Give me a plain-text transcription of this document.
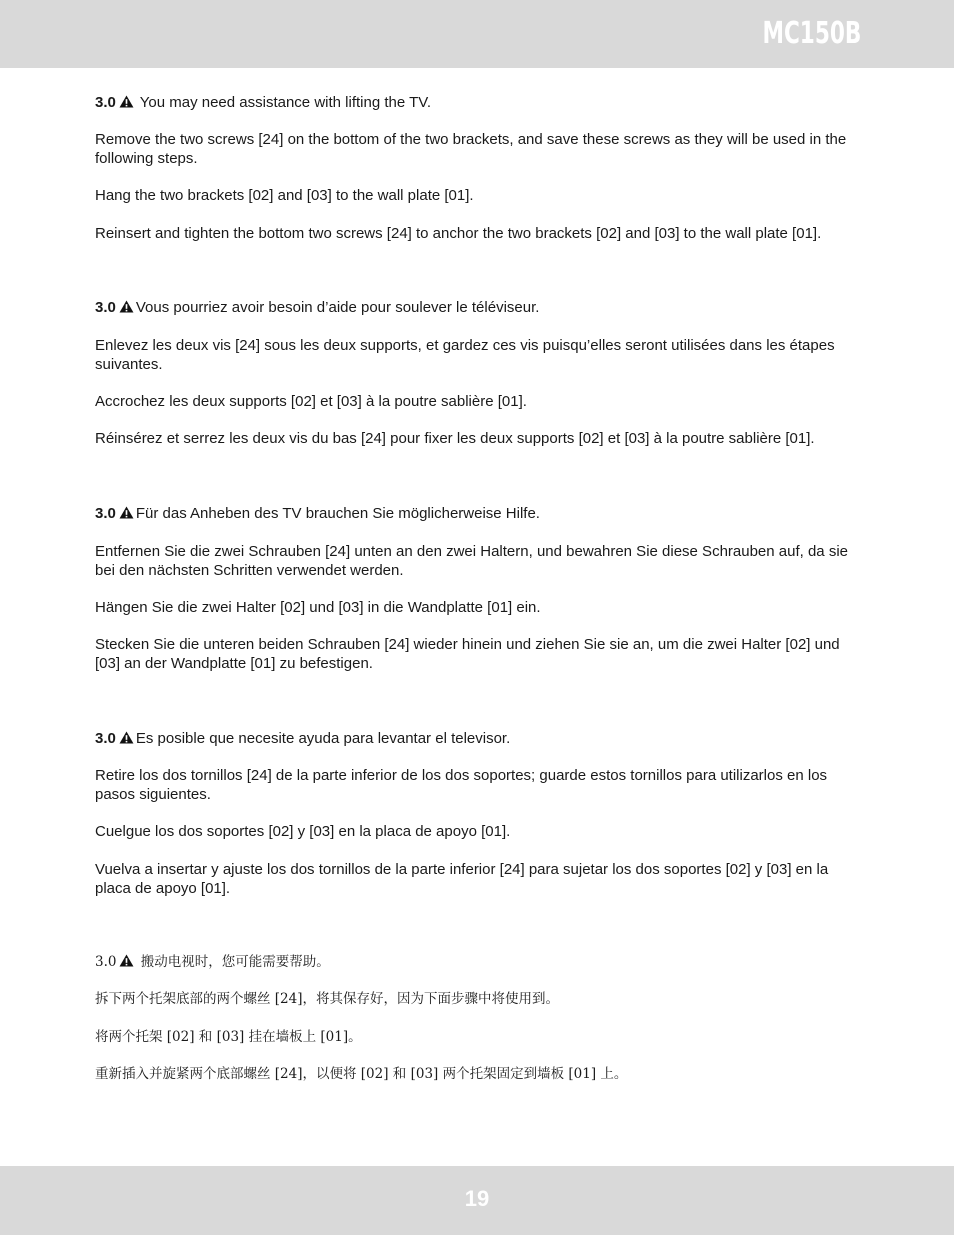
MC150B
3.0 You may need assistance with lifting the TV.

Remove the two screws [24] on the bottom of the two brackets, and save these screws as they will be used in the following steps.

Hang the two brackets [02] and [03] to the wall plate [01].

Reinsert and tighten the bottom two screws [24] to anchor the two brackets [02] and [03] to the wall plate [01].

3.0 Vous pourriez avoir besoin d’aide pour soulever le téléviseur.

Enlevez les deux vis [24] sous les deux supports, et gardez ces vis puisqu’elles seront utilisées dans les étapes suivantes.

Accrochez les deux supports [02] et [03] à la poutre sablière [01].

Réinsérez et serrez les deux vis du bas [24] pour fixer les deux supports [02] et [03] à la poutre sablière [01].

3.0 Für das Anheben des TV brauchen Sie möglicherweise Hilfe.

Entfernen Sie die zwei Schrauben [24] unten an den zwei Haltern, und bewahren Sie diese Schrauben auf, da sie bei den nächsten Schritten verwendet werden.

Hängen Sie die zwei Halter [02] und [03] in die Wandplatte [01] ein.

Stecken Sie die unteren beiden Schrauben [24] wieder hinein und ziehen Sie sie an, um die zwei Halter [02] und [03] an der Wandplatte [01] zu befestigen.

3.0 Es posible que necesite ayuda para levantar el televisor.

Retire los dos tornillos [24] de la parte inferior de los dos soportes; guarde estos tornillos para utilizarlos en los pasos siguientes.

Cuelgue los dos soportes [02] y [03] en la placa de apoyo [01].

Vuelva a insertar y ajuste los dos tornillos de la parte inferior [24] para sujetar los dos soportes [02] y [03] en la placa de apoyo [01].

3.0 搬动电视时，您可能需要帮助。

拆下两个托架底部的两个螺丝 [24]，将其保存好，因为下面步骤中将使用到。

将两个托架 [02] 和 [03] 挂在墙板上 [01]。

重新插入并旋紧两个底部螺丝 [24]，以便将 [02] 和 [03] 两个托架固定到墙板 [01] 上。

19
